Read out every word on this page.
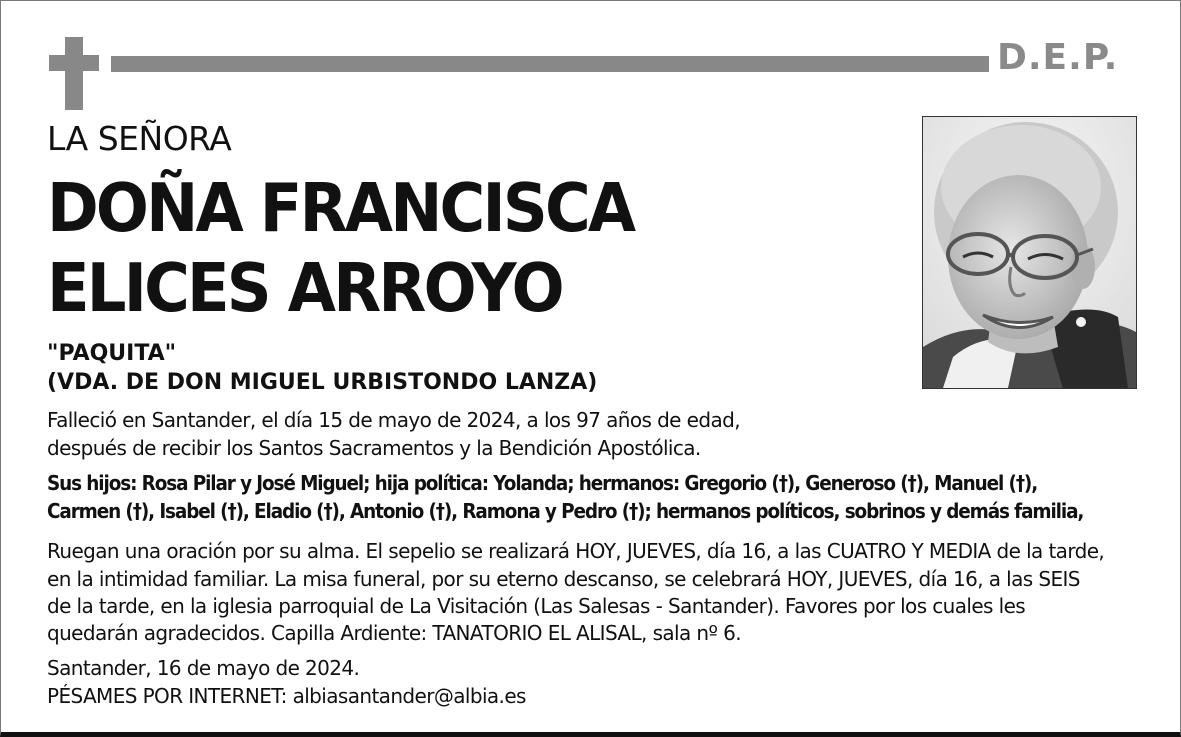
D.E.P.
LA SEÑORA
DOÑA FRANCISCA
ELICES ARROYO
"PAQUITA"
(VDA. DE DON MIGUEL URBISTONDO LANZA)
Falleció en Santander, el día 15 de mayo de 2024, a los 97 años de edad,
después de recibir los Santos Sacramentos y la Bendición Apostólica.
Sus hijos: Rosa Pilar y José Miguel; hija política: Yolanda; hermanos: Gregorio (†), Generoso (†), Manuel (†),
Carmen (†), Isabel (†), Eladio (†), Antonio (†), Ramona y Pedro (†); hermanos políticos, sobrinos y demás familia,
Ruegan una oración por su alma. El sepelio se realizará HOY, JUEVES, día 16, a las CUATRO Y MEDIA de la tarde,
en la intimidad familiar. La misa funeral, por su eterno descanso, se celebrará HOY, JUEVES, día 16, a las SEIS
de la tarde, en la iglesia parroquial de La Visitación (Las Salesas - Santander). Favores por los cuales les
quedarán agradecidos. Capilla Ardiente: TANATORIO EL ALISAL, sala nº 6.
Santander, 16 de mayo de 2024.
PÉSAMES POR INTERNET: albiasantander@albia.es
